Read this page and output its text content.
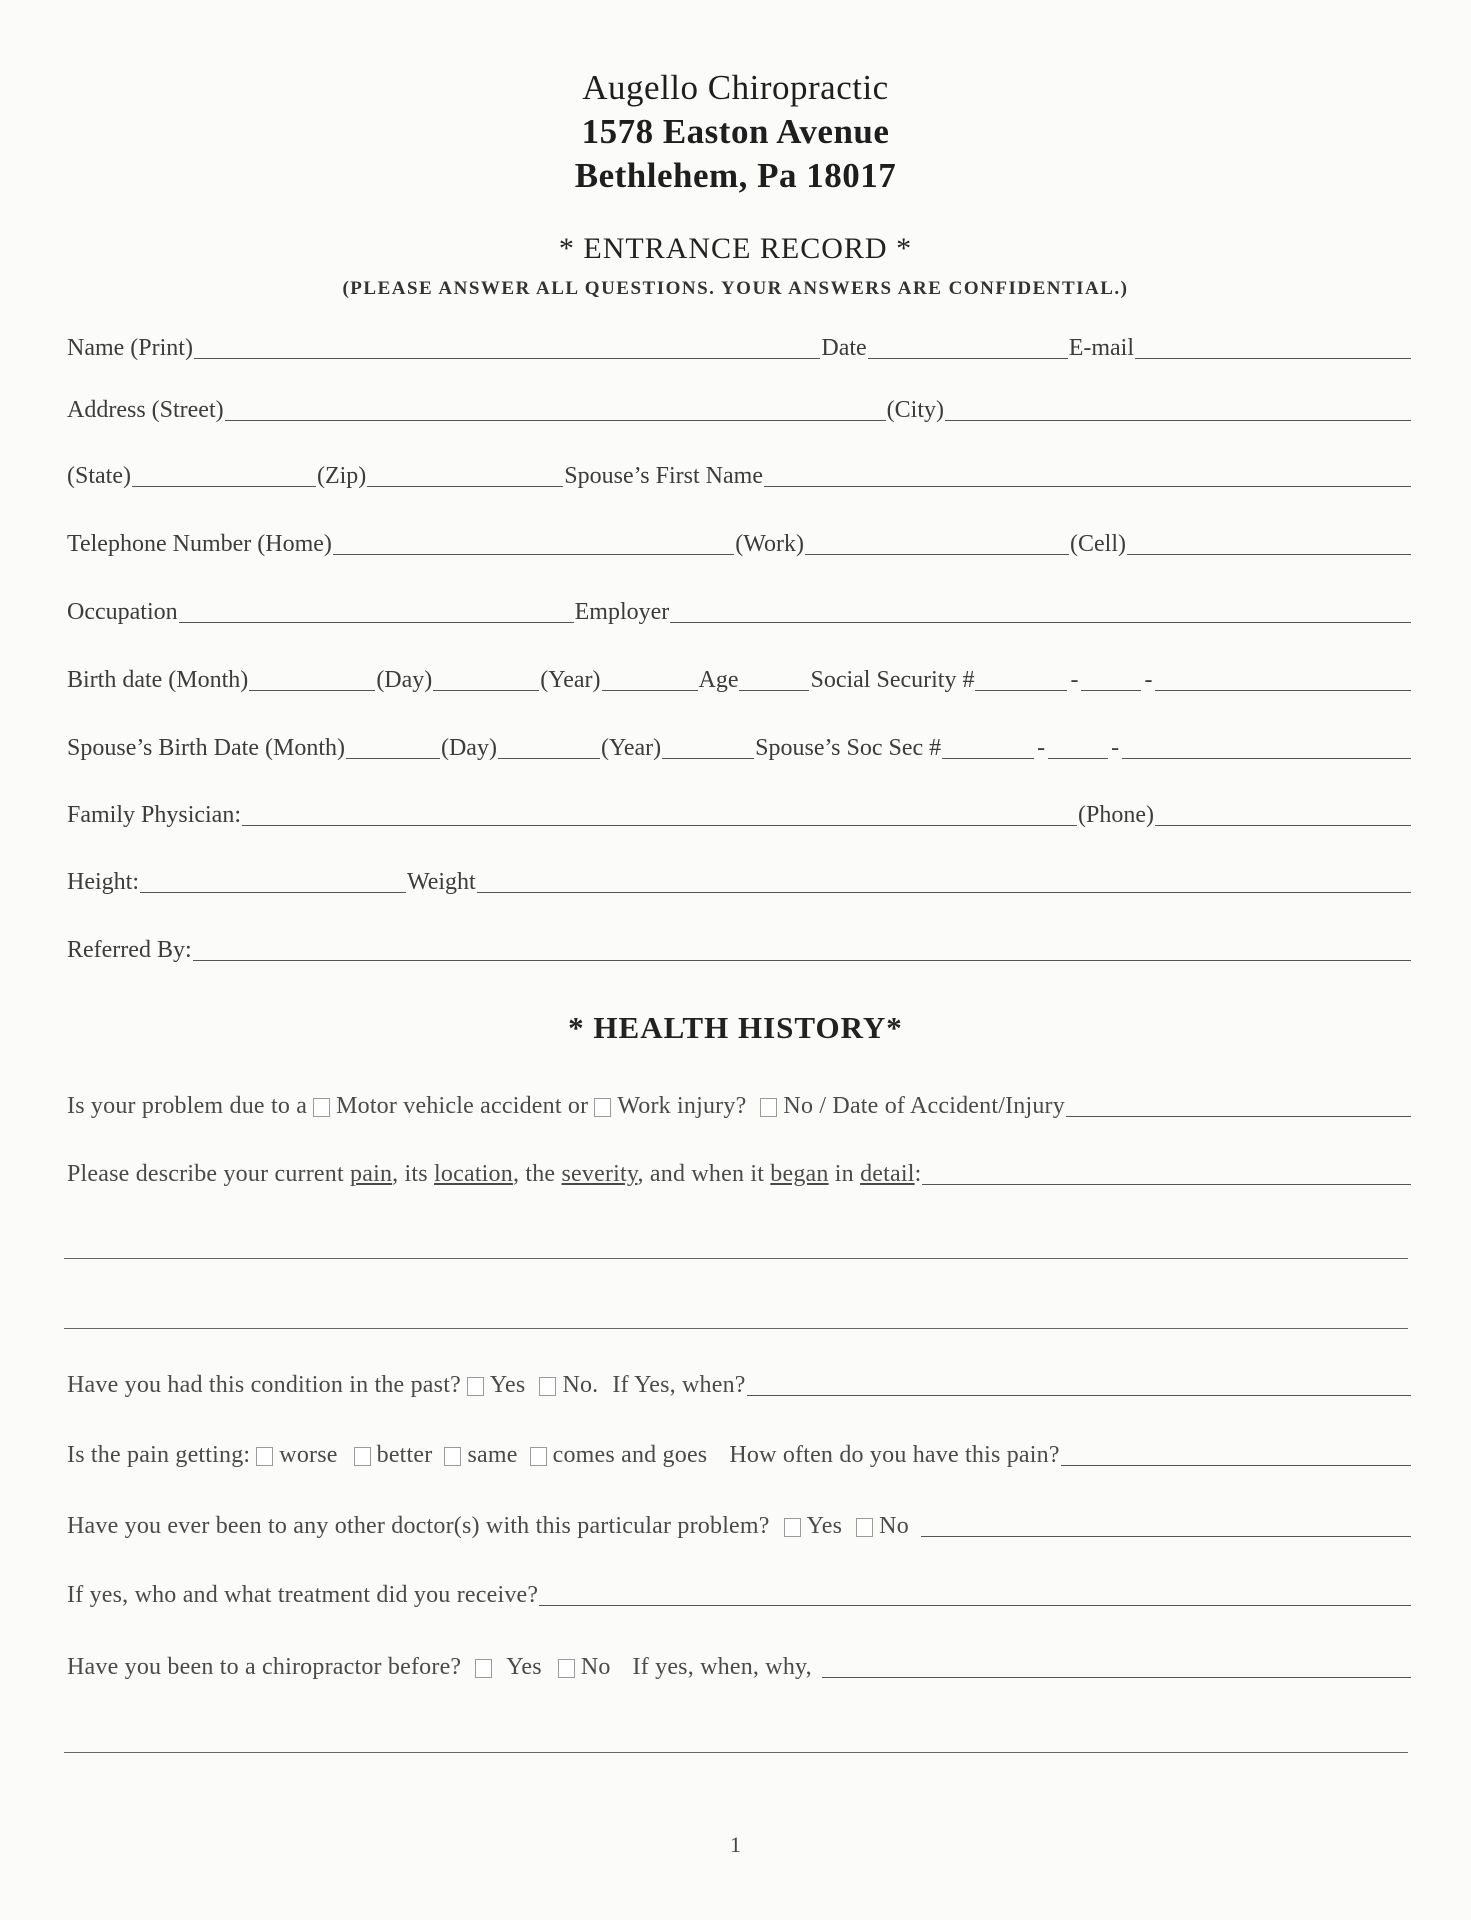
Augello Chiropractic
1578 Easton Avenue
Bethlehem, Pa 18017
* ENTRANCE RECORD *
(PLEASE ANSWER ALL QUESTIONS. YOUR ANSWERS ARE CONFIDENTIAL.)
Name (Print)	Date	E-mail
Address (Street)	(City)
(State)	(Zip)	Spouse’s First Name
Telephone Number (Home)	(Work)	(Cell)
Occupation	Employer
Birth date (Month)	(Day)	(Year)	Age	Social Security #	-	-
Spouse’s Birth Date (Month)	(Day)	(Year)	Spouse’s Soc Sec #	-	-
Family Physician:	(Phone)
Height:	Weight
Referred By:
* HEALTH HISTORY*
Is your problem due to a Motor vehicle accident or Work injury? No / Date of Accident/Injury
Please describe your current pain, its location, the severity, and when it began in detail:
Have you had this condition in the past? Yes No. If Yes, when?
Is the pain getting: worse better same comes and goes How often do you have this pain?
Have you ever been to any other doctor(s) with this particular problem? Yes No
If yes, who and what treatment did you receive?
Have you been to a chiropractor before? Yes No If yes, when, why,
1
